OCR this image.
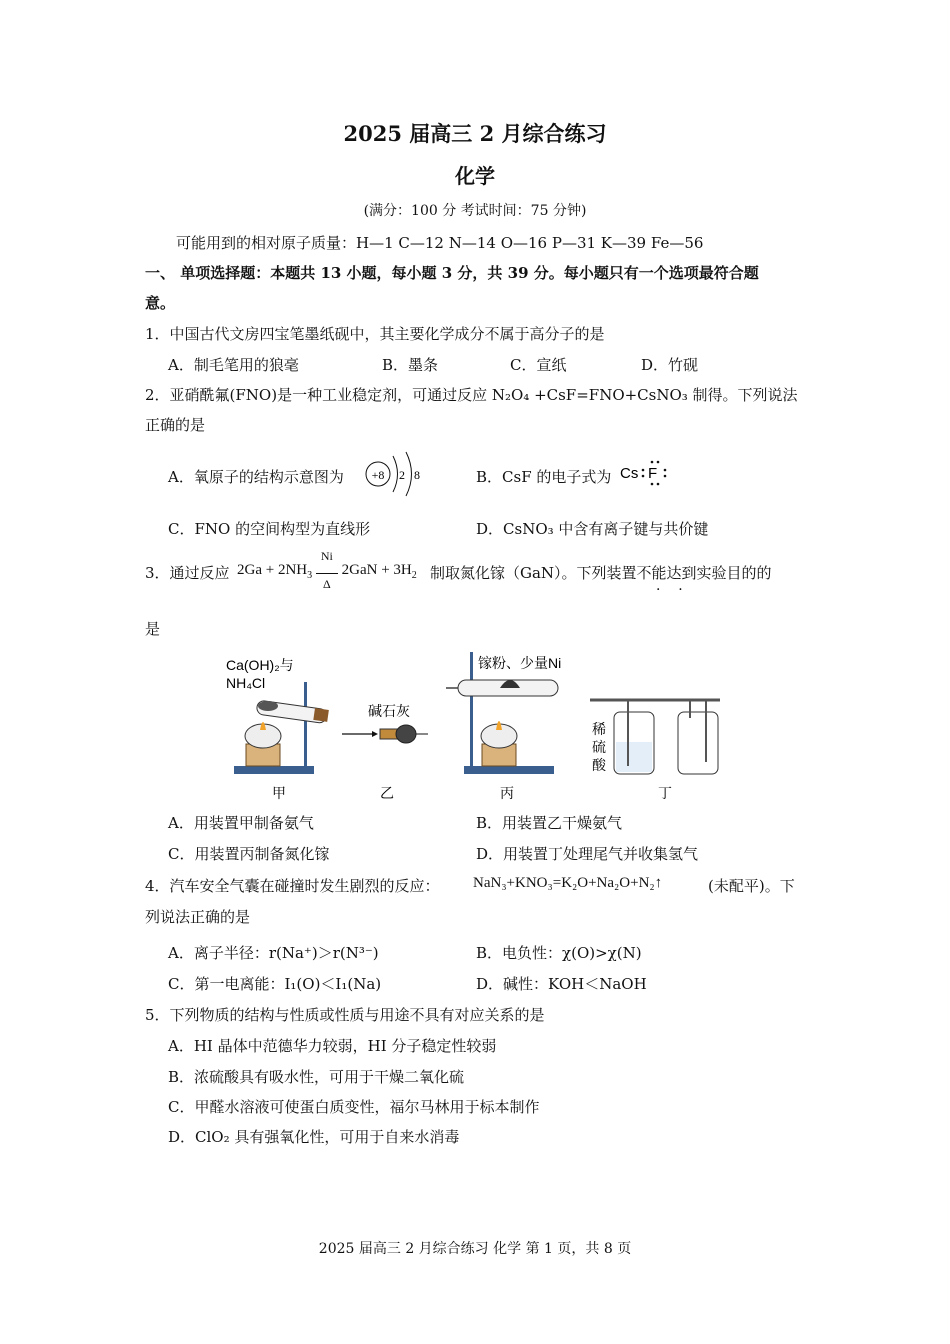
2025 届高三 2 月综合练习
化学
(满分：100 分 考试时间：75 分钟)
可能用到的相对原子质量：H—1 C—12 N—14 O—16 P—31 K—39 Fe—56
一、 单项选择题：本题共 13 小题，每小题 3 分，共 39 分。每小题只有一个选项最符合题
意。
1．中国古代文房四宝笔墨纸砚中，其主要化学成分不属于高分子的是
A．制毛笔用的狼毫	B．墨条	C．宣纸	D．竹砚
2．亚硝酰氟(FNO)是一种工业稳定剂，可通过反应 N₂O₄ +CsF=FNO+CsNO₃ 制得。下列说法
正确的是
A．氧原子的结构示意图为 +8 2 8	B．CsF 的电子式为 Cs F
C．FNO 的空间构型为直线形	D．CsNO₃ 中含有离子键与共价键
3．通过反应 $2Ga + 2NH_3$
$\frac{Ni}{\Delta} 2GaN + 3H_2$ 制取氮化镓（GaN）。下列装置不能达到实验目的的
·    ·
是
Ca(OH)₂与
NH₄Cl
碱石灰
镓粉、少量Ni
稀
硫
酸
甲	乙	丙	丁
A．用装置甲制备氨气	B．用装置乙干燥氨气
C．用装置丙制备氮化镓	D．用装置丁处理尾气并收集氢气
4．汽车安全气囊在碰撞时发生剧烈的反应： NaN₃+KNO₃=K₂O+Na₂O+N₂↑	(未配平)。下
列说法正确的是
A．离子半径：r(Na⁺)＞r(N³⁻)	B．电负性：χ(O)>χ(N)
C．第一电离能：I₁(O)＜I₁(Na)	D．碱性：KOH＜NaOH
5．下列物质的结构与性质或性质与用途不具有对应关系的是
A．HI 晶体中范德华力较弱，HI 分子稳定性较弱
B．浓硫酸具有吸水性，可用于干燥二氧化硫
C．甲醛水溶液可使蛋白质变性，福尔马林用于标本制作
D．ClO₂ 具有强氧化性，可用于自来水消毒
2025 届高三 2 月综合练习 化学 第 1 页，共 8 页
